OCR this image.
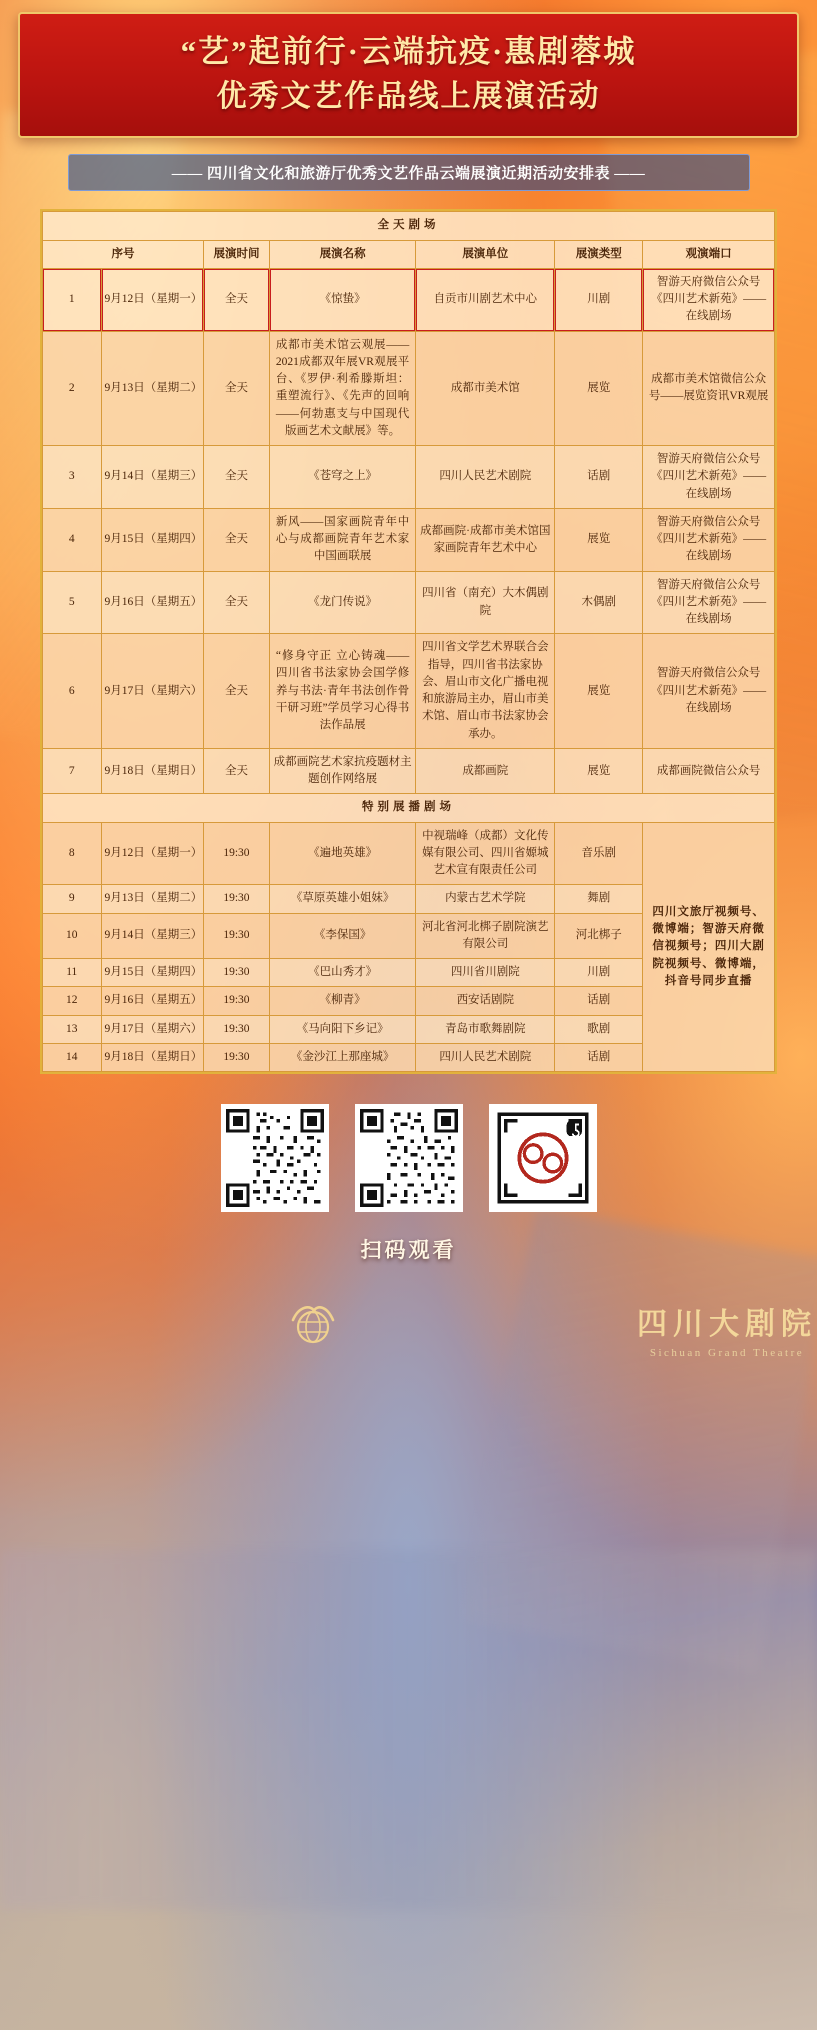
“艺”起前行·云端抗疫·惠剧蓉城
优秀文艺作品线上展演活动
—— 四川省文化和旅游厅优秀文艺作品云端展演近期活动安排表 ——
全天剧场						
序号		展演时间	展演名称	展演单位	展演类型	观演端口
1	9月12日（星期一）	全天	《惊蛰》	自贡市川剧艺术中心	川剧	智游天府微信公众号《四川艺术新苑》——在线剧场
2	9月13日（星期二）	全天	成都市美术馆云观展——2021成都双年展VR观展平台、《罗伊·利希滕斯坦：重塑流行》、《先声的回响——何勃惠支与中国现代版画艺术文献展》等。	成都市美术馆	展览	成都市美术馆微信公众号——展览资讯VR观展
3	9月14日（星期三）	全天	《苍穹之上》	四川人民艺术剧院	话剧	智游天府微信公众号《四川艺术新苑》——在线剧场
4	9月15日（星期四）	全天	新风——国家画院青年中心与成都画院青年艺术家中国画联展	成都画院·成都市美术馆国家画院青年艺术中心	展览	智游天府微信公众号《四川艺术新苑》——在线剧场
5	9月16日（星期五）	全天	《龙门传说》	四川省（南充）大木偶剧院	木偶剧	智游天府微信公众号《四川艺术新苑》——在线剧场
6	9月17日（星期六）	全天	“修身守正 立心铸魂——四川省书法家协会国学修养与书法·青年书法创作骨干研习班”学员学习心得书法作品展	四川省文学艺术界联合会指导，四川省书法家协会、眉山市文化广播电视和旅游局主办，眉山市美术馆、眉山市书法家协会承办。	展览	智游天府微信公众号《四川艺术新苑》——在线剧场
7	9月18日（星期日）	全天	成都画院艺术家抗疫题材主题创作网络展	成都画院	展览	成都画院微信公众号
特别展播剧场						
8	9月12日（星期一）	19:30	《遍地英雄》	中视瑞峰（成都）文化传媒有限公司、四川省嫄城艺术宣有限责任公司	音乐剧	四川文旅厅视频号、微博端；智游天府微信视频号；四川大剧院视频号、微博端，抖音号同步直播
9	9月13日（星期二）	19:30	《草原英雄小姐妹》	内蒙古艺术学院	舞剧	
10	9月14日（星期三）	19:30	《李保国》	河北省河北梆子剧院演艺有限公司	河北梆子	
11	9月15日（星期四）	19:30	《巴山秀才》	四川省川剧院	川剧	
12	9月16日（星期五）	19:30	《柳青》	西安话剧院	话剧	
13	9月17日（星期六）	19:30	《马向阳下乡记》	青岛市歌舞剧院	歌剧	
14	9月18日（星期日）	19:30	《金沙江上那座城》	四川人民艺术剧院	话剧	
扫码观看
四川大剧院
Sichuan Grand Theatre
